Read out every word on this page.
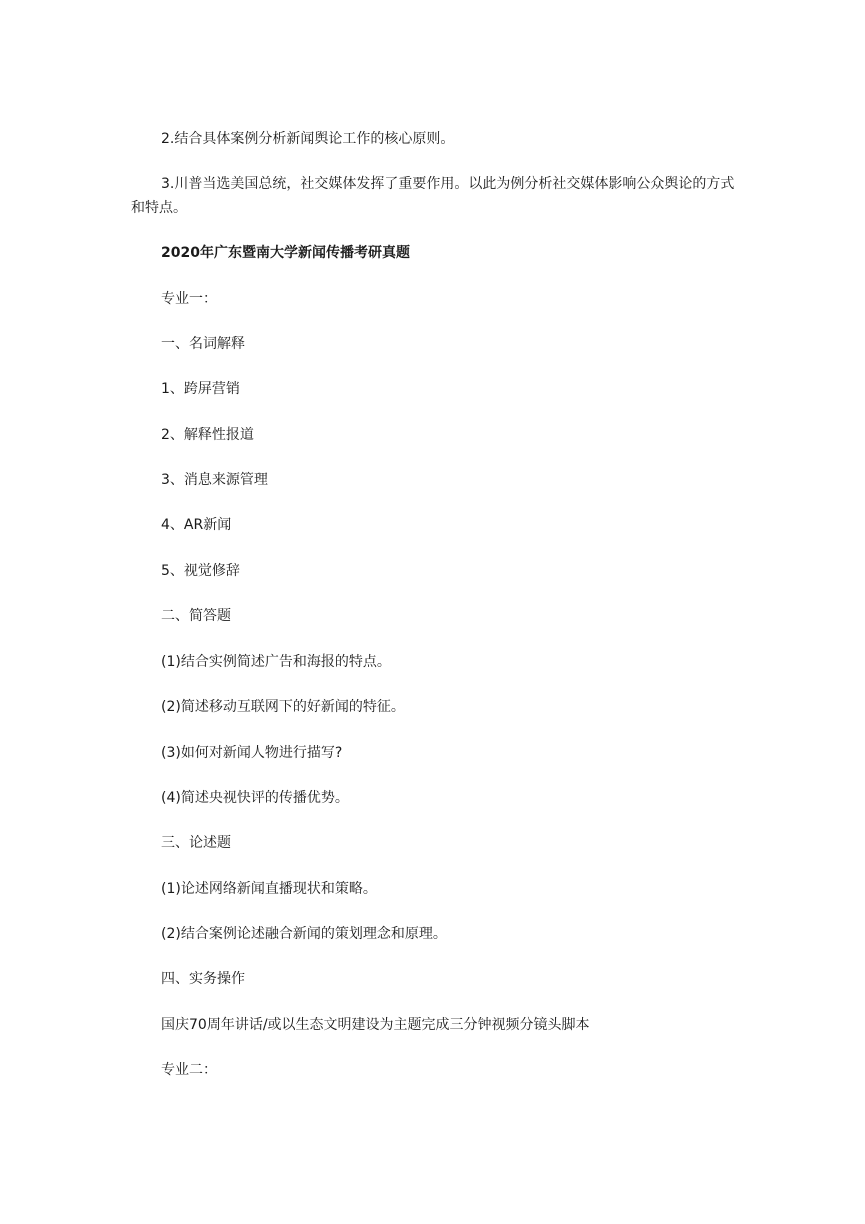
2.结合具体案例分析新闻舆论工作的核心原则。
3.川普当选美国总统，社交媒体发挥了重要作用。以此为例分析社交媒体影响公众舆论的方式和特点。
2020年广东暨南大学新闻传播考研真题
专业一：
一、名词解释
1、跨屏营销
2、解释性报道
3、消息来源管理
4、AR新闻
5、视觉修辞
二、简答题
(1)结合实例简述广告和海报的特点。
(2)简述移动互联网下的好新闻的特征。
(3)如何对新闻人物进行描写?
(4)简述央视快评的传播优势。
三、论述题
(1)论述网络新闻直播现状和策略。
(2)结合案例论述融合新闻的策划理念和原理。
四、实务操作
国庆70周年讲话/或以生态文明建设为主题完成三分钟视频分镜头脚本
专业二：
